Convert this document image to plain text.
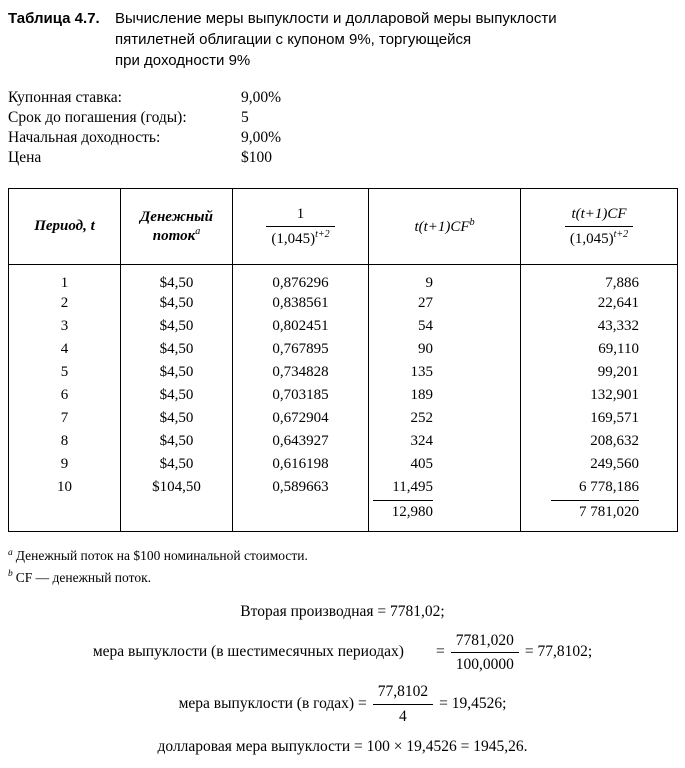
Таблица 4.7.	Вычисление меры выпуклости и долларовой меры выпуклости
пятилетней облигации с купоном 9%, торгующейся
при доходности 9%
Купонная ставка:	9,00%
Срок до погашения (годы):	5
Начальная доходность:	9,00%
Цена	$100
Период, t	Денежный поток$^a$	$\frac{1}{(1,045)^{t+2}}$	$t(t+1)CF^b$	$\frac{t(t+1)CF}{(1,045)^{t+2}}$

1	$4,50	0,876296	9	7,886
2	$4,50	0,838561	27	22,641
3	$4,50	0,802451	54	43,332
4	$4,50	0,767895	90	69,110
5	$4,50	0,734828	135	99,201
6	$4,50	0,703185	189	132,901
7	$4,50	0,672904	252	169,571
8	$4,50	0,643927	324	208,632
9	$4,50	0,616198	405	249,560
10	$104,50	0,589663	11,495	6 778,186
			12,980	7 781,020
$^a$ Денежный поток на $100 номинальной стоимости.
$^b$ CF — денежный поток.
Вторая производная = 7781,02;
мера выпуклости (в шестимесячных периодах) = $\frac{7781,020}{100,0000} = 77,8102$;
мера выпуклости (в годах) = $\frac{77,8102}{4} = 19,4526$;
долларовая мера выпуклости = 100 × 19,4526 = 1945,26.
